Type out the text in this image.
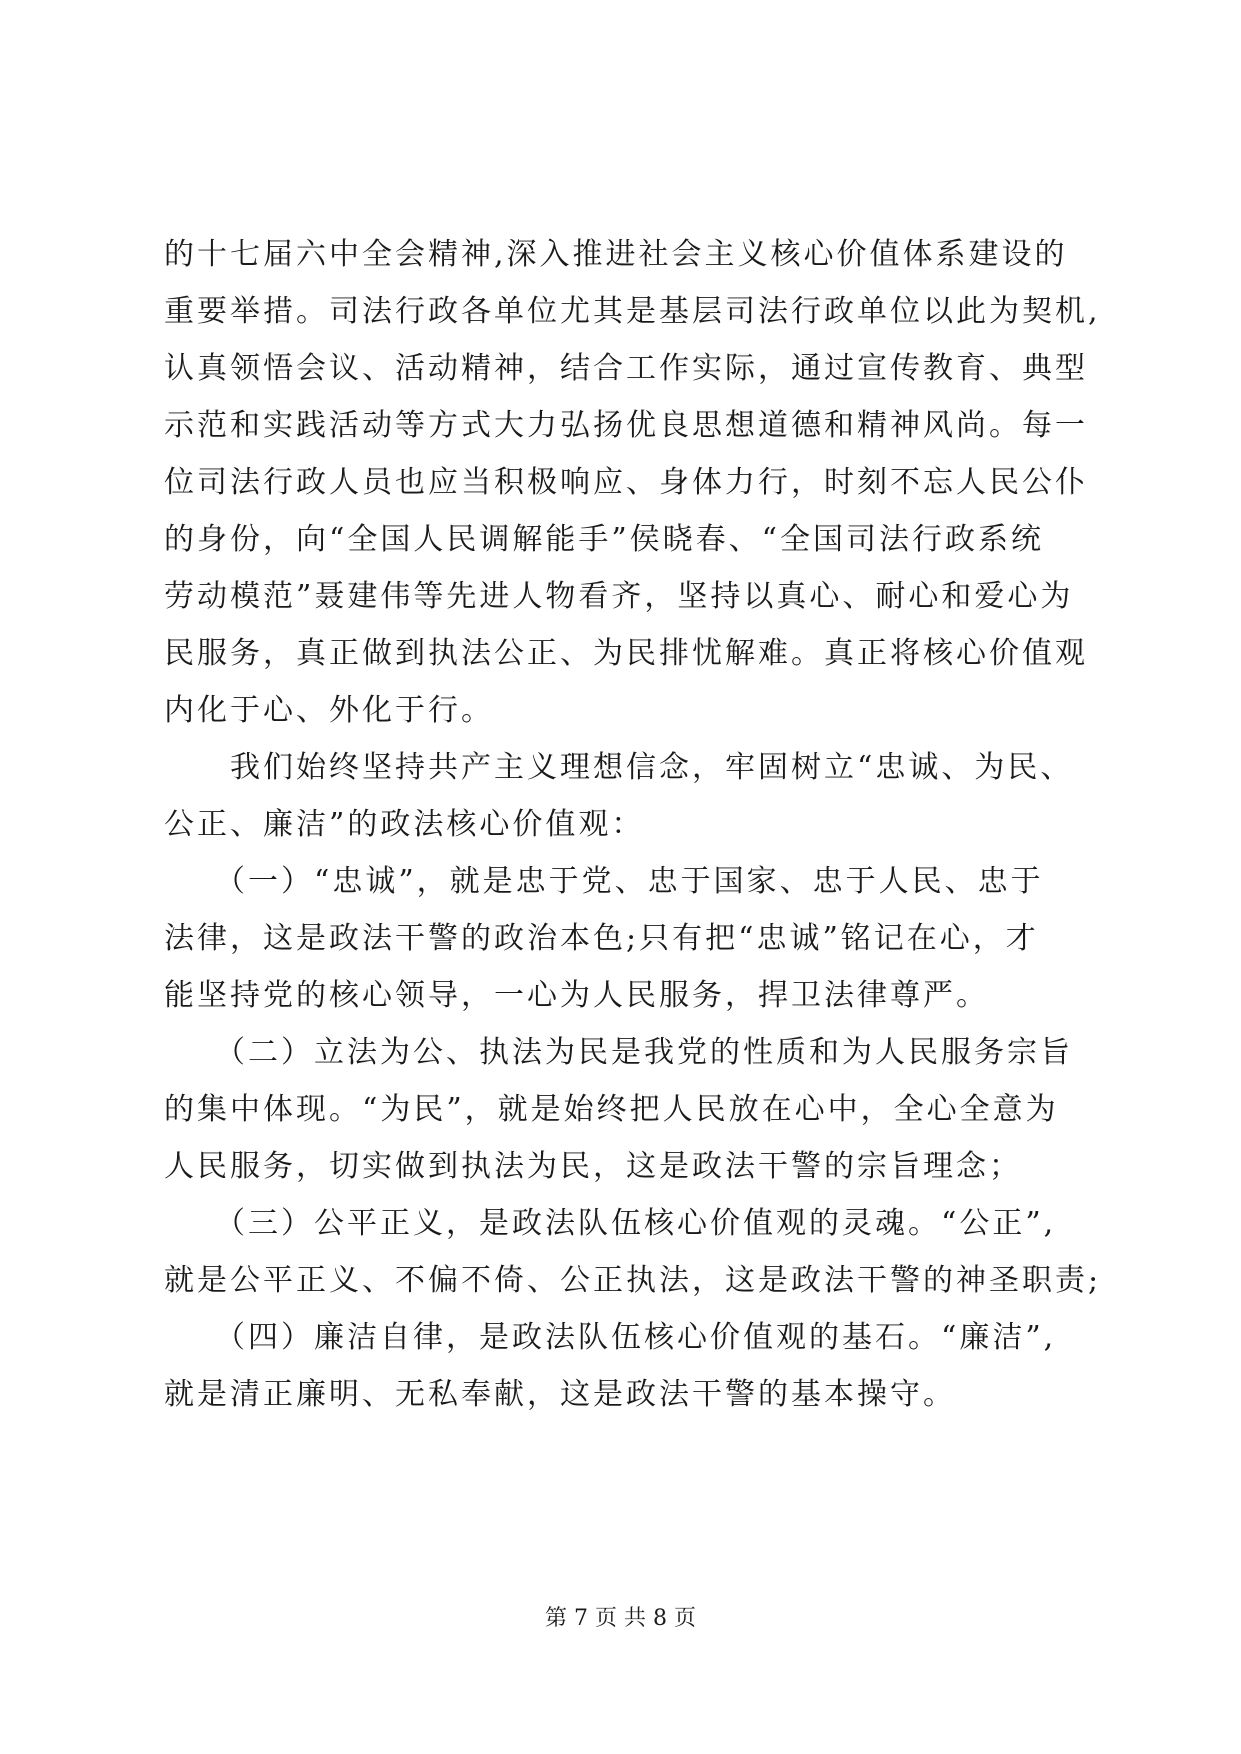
的十七届六中全会精神,深入推进社会主义核心价值体系建设的
重要举措。司法行政各单位尤其是基层司法行政单位以此为契机,
认真领悟会议、活动精神，结合工作实际，通过宣传教育、典型
示范和实践活动等方式大力弘扬优良思想道德和精神风尚。每一
位司法行政人员也应当积极响应、身体力行，时刻不忘人民公仆
的身份，向“全国人民调解能手”侯晓春、“全国司法行政系统
劳动模范”聂建伟等先进人物看齐，坚持以真心、耐心和爱心为
民服务，真正做到执法公正、为民排忧解难。真正将核心价值观
内化于心、外化于行。
　　我们始终坚持共产主义理想信念，牢固树立“忠诚、为民、
公正、廉洁”的政法核心价值观：
　　（一）“忠诚”，就是忠于党、忠于国家、忠于人民、忠于
法律，这是政法干警的政治本色;只有把“忠诚”铭记在心，才
能坚持党的核心领导，一心为人民服务，捍卫法律尊严。
　　（二）立法为公、执法为民是我党的性质和为人民服务宗旨
的集中体现。“为民”，就是始终把人民放在心中，全心全意为
人民服务，切实做到执法为民，这是政法干警的宗旨理念；
　　（三）公平正义，是政法队伍核心价值观的灵魂。“公正”,
就是公平正义、不偏不倚、公正执法，这是政法干警的神圣职责;
　　（四）廉洁自律，是政法队伍核心价值观的基石。“廉洁”,
就是清正廉明、无私奉献，这是政法干警的基本操守。
第 7 页 共 8 页
